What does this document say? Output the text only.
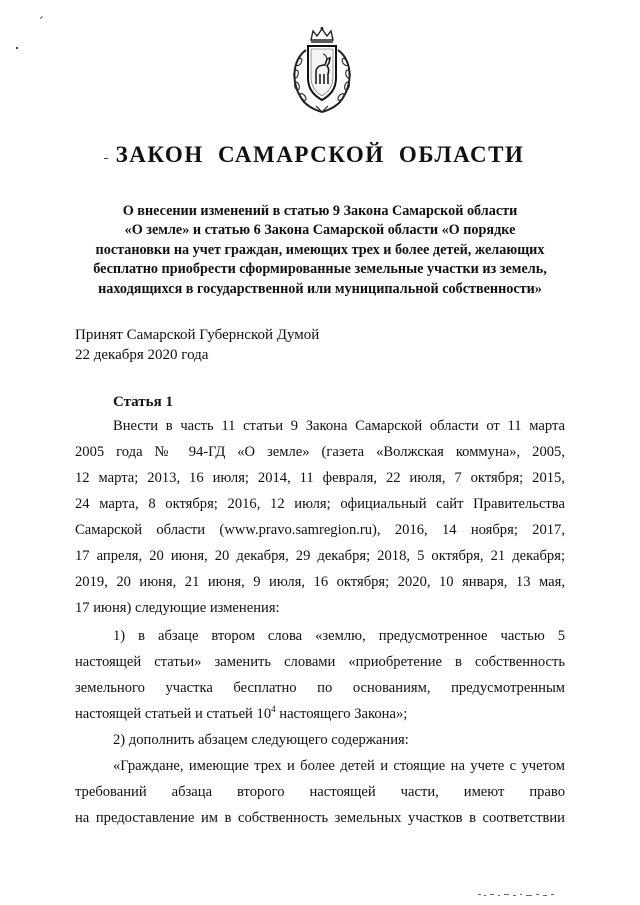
ЗАКОН САМАРСКОЙ ОБЛАСТИ
О внесении изменений в статью 9 Закона Самарской области
«О земле» и статью 6 Закона Самарской области «О порядке
постановки на учет граждан, имеющих трех и более детей, желающих
бесплатно приобрести сформированные земельные участки из земель,
находящихся в государственной или муниципальной собственности»
Принят Самарской Губернской Думой
22 декабря 2020 года
Статья 1
Внести в часть 11 статьи 9 Закона Самарской области от 11 марта
2005 года № 94-ГД «О земле» (газета «Волжская коммуна», 2005,
12 марта; 2013, 16 июля; 2014, 11 февраля, 22 июля, 7 октября; 2015,
24 марта, 8 октября; 2016, 12 июля; официальный сайт Правительства
Самарской области (www.pravo.samregion.ru), 2016, 14 ноября; 2017,
17 апреля, 20 июня, 20 декабря, 29 декабря; 2018, 5 октября, 21 декабря;
2019, 20 июня, 21 июня, 9 июля, 16 октября; 2020, 10 января, 13 мая,
17 июня) следующие изменения:
1) в абзаце втором слова «землю, предусмотренное частью 5
настоящей статьи» заменить словами «приобретение в собственность
земельного участка бесплатно по основаниям, предусмотренным
настоящей статьей и статьей $10^4$ настоящего Закона»;
2) дополнить абзацем следующего содержания:
«Граждане, имеющие трех и более детей и стоящие на учете с учетом
требований абзаца второго настоящей части, имеют право
на предоставление им в собственность земельных участков в соответствии
